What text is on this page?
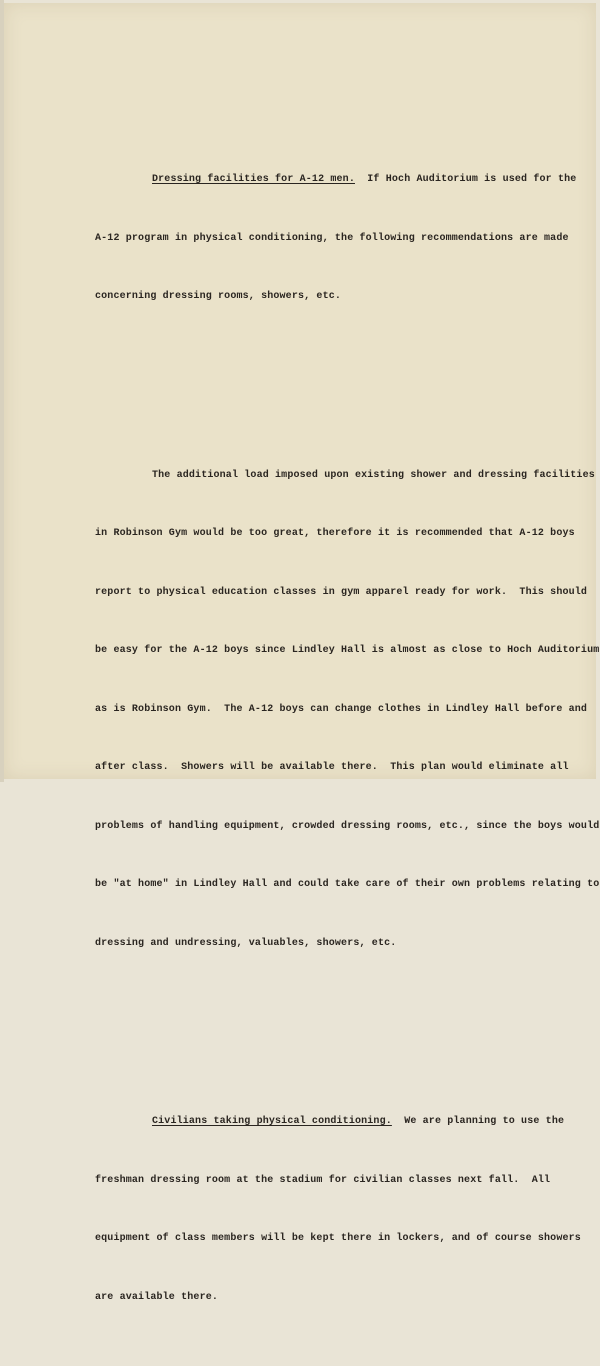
Dressing facilities for A-12 men.  If Hoch Auditorium is used for the

A-12 program in physical conditioning, the following recommendations are made

concerning dressing rooms, showers, etc.

The additional load imposed upon existing shower and dressing facilities

in Robinson Gym would be too great, therefore it is recommended that A-12 boys

report to physical education classes in gym apparel ready for work.  This should

be easy for the A-12 boys since Lindley Hall is almost as close to Hoch Auditorium

as is Robinson Gym.  The A-12 boys can change clothes in Lindley Hall before and

after class.  Showers will be available there.  This plan would eliminate all

problems of handling equipment, crowded dressing rooms, etc., since the boys would

be "at home" in Lindley Hall and could take care of their own problems relating to

dressing and undressing, valuables, showers, etc.

Civilians taking physical conditioning.  We are planning to use the

freshman dressing room at the stadium for civilian classes next fall.  All

equipment of class members will be kept there in lockers, and of course showers

are available there.
